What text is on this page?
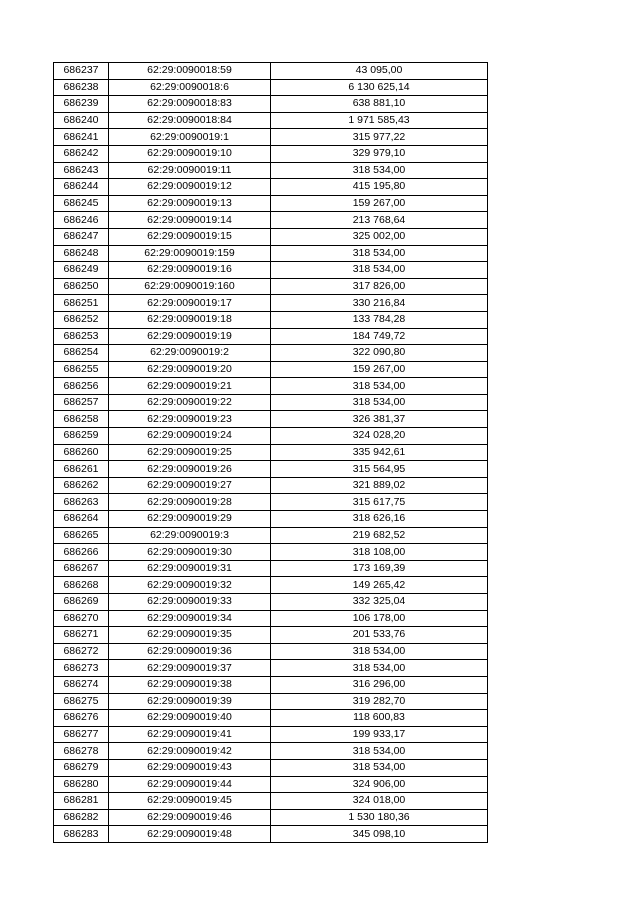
686237	62:29:0090018:59	43 095,00
686238	62:29:0090018:6	6 130 625,14
686239	62:29:0090018:83	638 881,10
686240	62:29:0090018:84	1 971 585,43
686241	62:29:0090019:1	315 977,22
686242	62:29:0090019:10	329 979,10
686243	62:29:0090019:11	318 534,00
686244	62:29:0090019:12	415 195,80
686245	62:29:0090019:13	159 267,00
686246	62:29:0090019:14	213 768,64
686247	62:29:0090019:15	325 002,00
686248	62:29:0090019:159	318 534,00
686249	62:29:0090019:16	318 534,00
686250	62:29:0090019:160	317 826,00
686251	62:29:0090019:17	330 216,84
686252	62:29:0090019:18	133 784,28
686253	62:29:0090019:19	184 749,72
686254	62:29:0090019:2	322 090,80
686255	62:29:0090019:20	159 267,00
686256	62:29:0090019:21	318 534,00
686257	62:29:0090019:22	318 534,00
686258	62:29:0090019:23	326 381,37
686259	62:29:0090019:24	324 028,20
686260	62:29:0090019:25	335 942,61
686261	62:29:0090019:26	315 564,95
686262	62:29:0090019:27	321 889,02
686263	62:29:0090019:28	315 617,75
686264	62:29:0090019:29	318 626,16
686265	62:29:0090019:3	219 682,52
686266	62:29:0090019:30	318 108,00
686267	62:29:0090019:31	173 169,39
686268	62:29:0090019:32	149 265,42
686269	62:29:0090019:33	332 325,04
686270	62:29:0090019:34	106 178,00
686271	62:29:0090019:35	201 533,76
686272	62:29:0090019:36	318 534,00
686273	62:29:0090019:37	318 534,00
686274	62:29:0090019:38	316 296,00
686275	62:29:0090019:39	319 282,70
686276	62:29:0090019:40	118 600,83
686277	62:29:0090019:41	199 933,17
686278	62:29:0090019:42	318 534,00
686279	62:29:0090019:43	318 534,00
686280	62:29:0090019:44	324 906,00
686281	62:29:0090019:45	324 018,00
686282	62:29:0090019:46	1 530 180,36
686283	62:29:0090019:48	345 098,10
